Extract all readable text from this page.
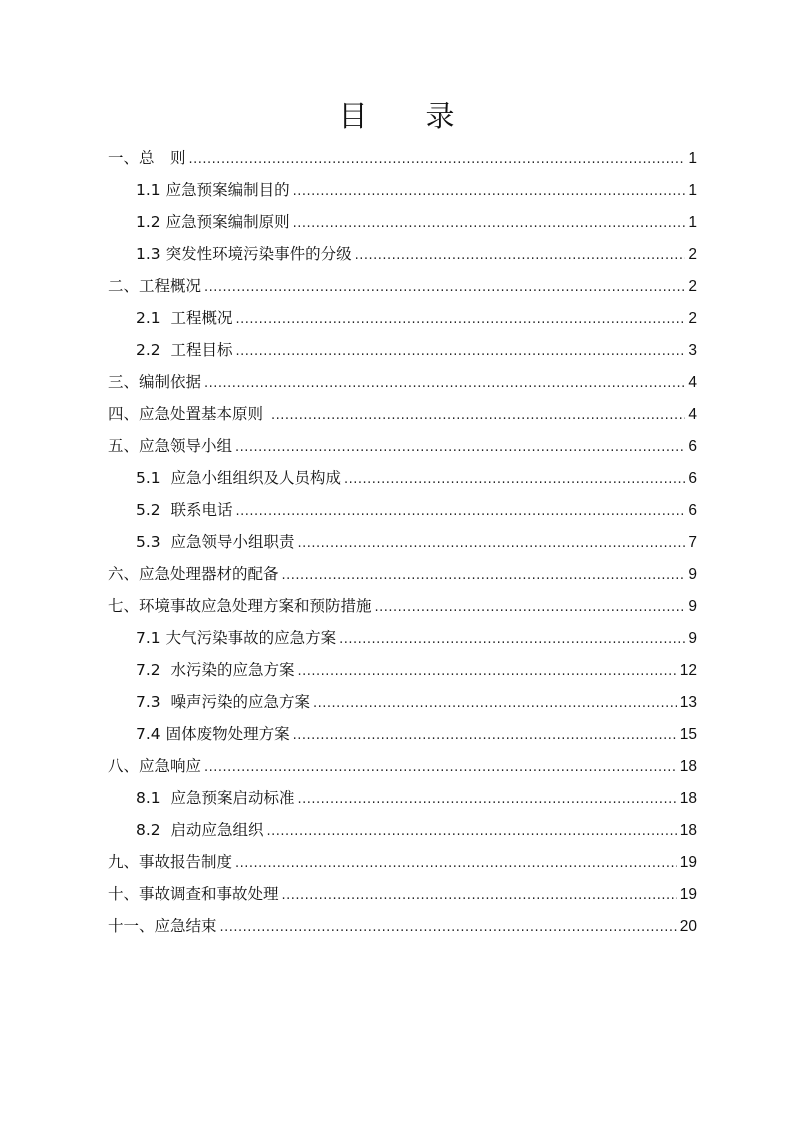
目　　录
一、总　则 .....	1
1.1 应急预案编制目的 .....	1
1.2 应急预案编制原则 .....	1
1.3 突发性环境污染事件的分级 .....	2
二、工程概况 .....	2
2.1  工程概况 .....	2
2.2  工程目标 .....	3
三、编制依据 .....	4
四、应急处置基本原则 .....	4
五、应急领导小组 .....	6
5.1  应急小组组织及人员构成 .....	6
5.2  联系电话 .....	6
5.3  应急领导小组职责 .....	7
六、应急处理器材的配备 .....	9
七、环境事故应急处理方案和预防措施 .....	9
7.1 大气污染事故的应急方案 .....	9
7.2  水污染的应急方案 .....	12
7.3  噪声污染的应急方案 .....	13
7.4 固体废物处理方案 .....	15
八、应急响应 .....	18
8.1  应急预案启动标准 .....	18
8.2  启动应急组织 .....	18
九、事故报告制度 .....	19
十、事故调查和事故处理 .....	19
十一、应急结束 .....	20
